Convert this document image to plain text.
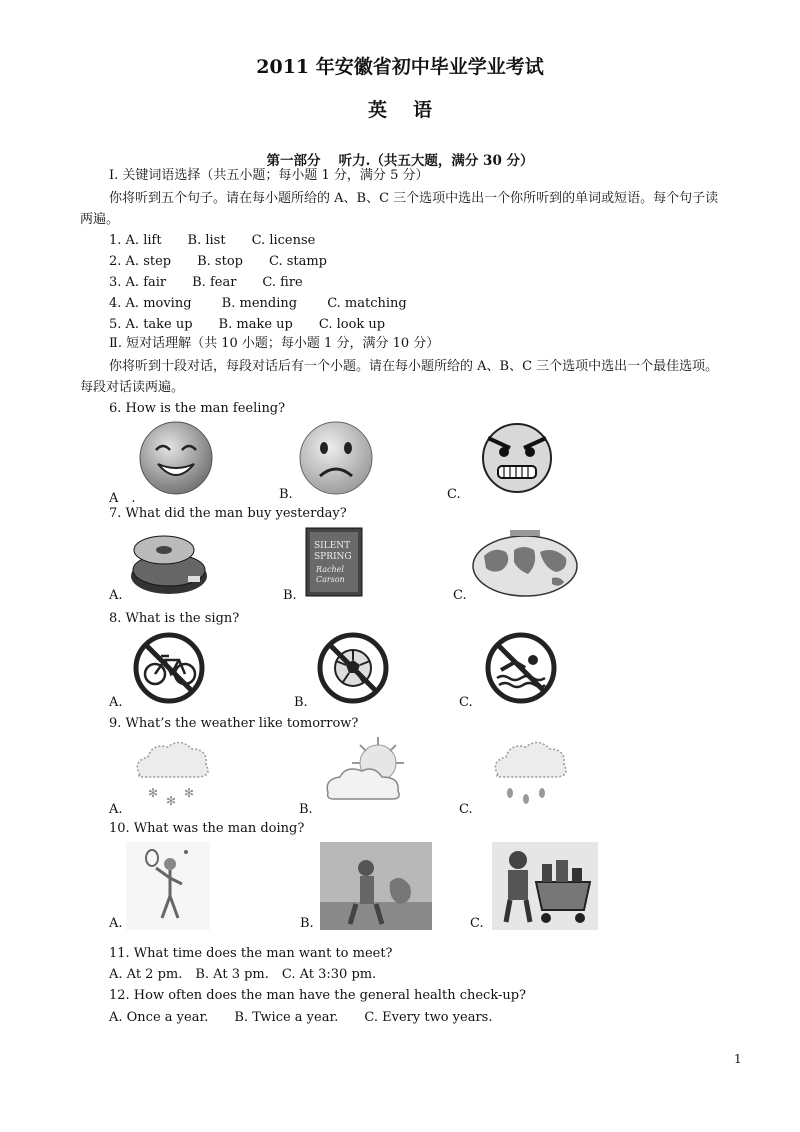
2011 年安徽省初中毕业学业考试
英语
第一部分　 听力.（共五大题，满分 30 分）
Ⅰ. 关键词语选择（共五小题；每小题 1 分，满分 5 分）
你将听到五个句子。请在每小题所给的 A、B、C 三个选项中选出一个你所听到的单词或短语。每个句子读
两遍。
1. A. lift　　B. list　　C. license
2. A. step　　B. stop　　C. stamp
3. A. fair　　B. fear　　C. fire
4. A. moving　　 B. mending　　 C. matching
5. A. take up　　B. make up　　C. look up
Ⅱ. 短对话理解（共 10 小题；每小题 1 分，满分 10 分）
你将听到十段对话，每段对话后有一个小题。请在每小题所给的 A、B、C 三个选项中选出一个最佳选项。
每段对话读两遍。
6. How is the man feeling?
A　.	B.	C.
7. What did the man buy yesterday?
SILENT
SPRING
Rachel
Carson
A.	B.	C.
8. What is the sign?
A.	B.	C.
9. What’s the weather like tomorrow?
✻
✻
✻
A.	B.	C.
10. What was the man doing?
A.	B.	C.
11. What time does the man want to meet?
A. At 2 pm.　B. At 3 pm.　C. At 3:30 pm.
12. How often does the man have the general health check-up?
A. Once a year.　　B. Twice a year.　　C. Every two years.
1
